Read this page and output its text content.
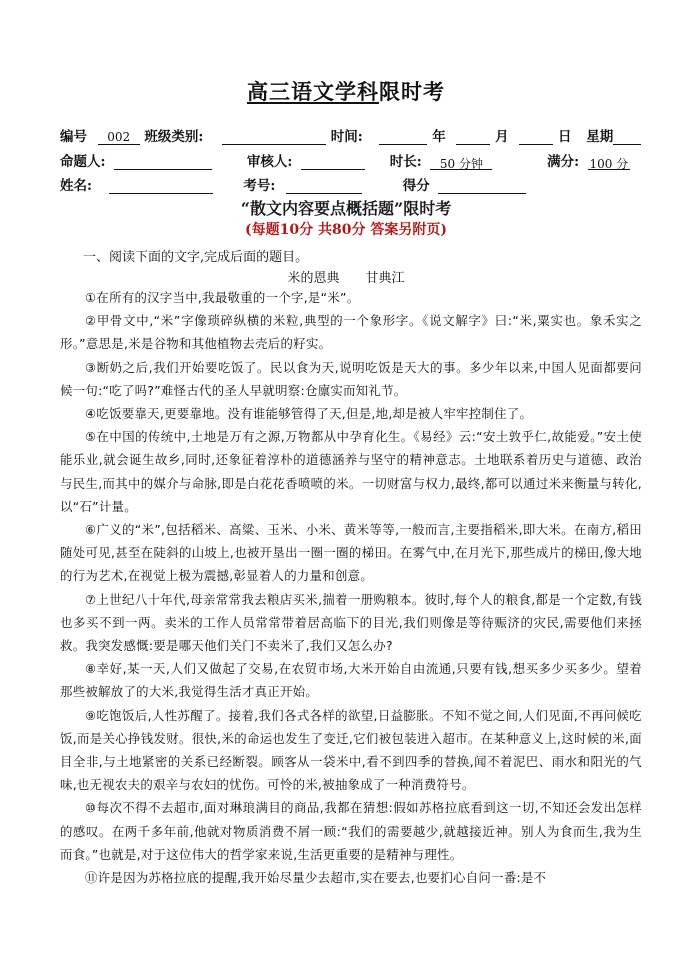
高三语文学科限时考
编号 002 班级类别:	时间:	年	月	日 星期
命题人:	审核人:	时长: 50 分钟	满分: 100 分
姓名:	考号:	得分
“散文内容要点概括题”限时考
(每题10分 共80分 答案另附页)
一、阅读下面的文字,完成后面的题目。
米的恩典　　甘典江

①在所有的汉字当中,我最敬重的一个字,是“米”。

②甲骨文中,“米”字像琐碎纵横的米粒,典型的一个象形字。《说文解字》曰:“米,粟实也。象禾实之形。”意思是,米是谷物和其他植物去壳后的籽实。

③断奶之后,我们开始要吃饭了。民以食为天,说明吃饭是天大的事。多少年以来,中国人见面都要问候一句:“吃了吗?”难怪古代的圣人早就明察:仓廪实而知礼节。

④吃饭要靠天,更要靠地。没有谁能够管得了天,但是,地,却是被人牢牢控制住了。

⑤在中国的传统中,土地是万有之源,万物都从中孕育化生。《易经》云:“安土敦乎仁,故能爱。”安土使能乐业,就会诞生故乡,同时,还象征着淳朴的道德涵养与坚守的精神意志。土地联系着历史与道德、政治与民生,而其中的媒介与命脉,即是白花花香喷喷的米。一切财富与权力,最终,都可以通过米来衡量与转化,以“石”计量。

⑥广义的“米”,包括稻米、高粱、玉米、小米、黄米等等,一般而言,主要指稻米,即大米。在南方,稻田随处可见,甚至在陡斜的山坡上,也被开垦出一圈一圈的梯田。在雾气中,在月光下,那些成片的梯田,像大地的行为艺术,在视觉上极为震撼,彰显着人的力量和创意。

⑦上世纪八十年代,母亲常常我去粮店买米,揣着一册购粮本。彼时,每个人的粮食,都是一个定数,有钱也多买不到一两。卖米的工作人员常常带着居高临下的目光,我们则像是等待赈济的灾民,需要他们来拯救。我突发感慨:要是哪天他们关门不卖米了,我们又怎么办?

⑧幸好,某一天,人们又做起了交易,在农贸市场,大米开始自由流通,只要有钱,想买多少买多少。望着那些被解放了的大米,我觉得生活才真正开始。

⑨吃饱饭后,人性苏醒了。接着,我们各式各样的欲望,日益膨胀。不知不觉之间,人们见面,不再问候吃饭,而是关心挣钱发财。很快,米的命运也发生了变迁,它们被包装进入超市。在某种意义上,这时候的米,面目全非,与土地紧密的关系已经断裂。顾客从一袋米中,看不到四季的替换,闻不着泥巴、雨水和阳光的气味,也无视农夫的艰辛与农妇的忧伤。可怜的米,被抽象成了一种消费符号。

⑩每次不得不去超市,面对琳琅满目的商品,我都在猜想:假如苏格拉底看到这一切,不知还会发出怎样的感叹。在两千多年前,他就对物质消费不屑一顾:“我们的需要越少,就越接近神。别人为食而生,我为生而食。”也就是,对于这位伟大的哲学家来说,生活更重要的是精神与理性。

⑪许是因为苏格拉底的提醒,我开始尽量少去超市,实在要去,也要扪心自问一番:是不
